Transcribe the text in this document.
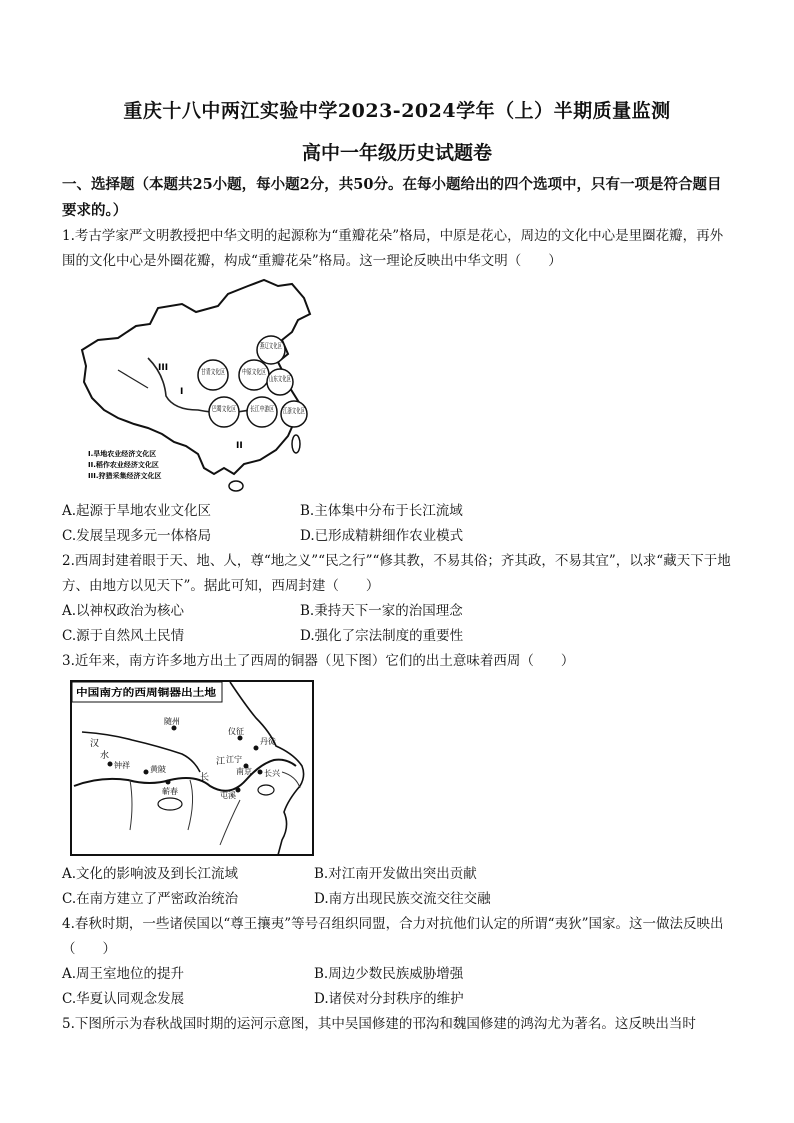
重庆十八中两江实验中学2023-2024学年（上）半期质量监测
高中一年级历史试题卷
一、选择题（本题共25小题，每小题2分，共50分。在每小题给出的四个选项中，只有一项是符合题目要求的。）
1.考古学家严文明教授把中华文明的起源称为“重瓣花朵”格局，中原是花心，周边的文化中心是里圈花瓣，再外围的文化中心是外圈花瓣，构成“重瓣花朵”格局。这一理论反映出中华文明（　　）
燕辽文化区
甘青文化区 中原文化区
山东文化区
巴蜀文化区 长江中游区
江浙文化区
III
I
II
I.旱地农业经济文化区
II.稻作农业经济文化区
III.狩猎采集经济文化区
A.起源于旱地农业文化区	B.主体集中分布于长江流域
C.发展呈现多元一体格局	D.已形成精耕细作农业模式
2.西周封建着眼于天、地、人，尊“地之义”“民之行”“修其教，不易其俗；齐其政，不易其宜”，以求“藏天下于地方、由地方以见天下”。据此可知，西周封建（　　）
A.以神权政治为核心	B.秉持天下一家的治国理念
C.源于自然风土民情	D.强化了宗法制度的重要性
3.近年来，南方许多地方出土了西周的铜器（见下图）它们的出土意味着西周（　　）
中国南方的西周铜器出土地
随州
仪征
丹徒
江宁
南京 长兴
屯溪
黄陂
蕲春
汉
水
长
江
钟祥
A.文化的影响波及到长江流域	B.对江南开发做出突出贡献
C.在南方建立了严密政治统治	D.南方出现民族交流交往交融
4.春秋时期，一些诸侯国以“尊王攘夷”等号召组织同盟，合力对抗他们认定的所谓“夷狄”国家。这一做法反映出（　　）
A.周王室地位的提升	B.周边少数民族威胁增强
C.华夏认同观念发展	D.诸侯对分封秩序的维护
5.下图所示为春秋战国时期的运河示意图，其中吴国修建的邗沟和魏国修建的鸿沟尤为著名。这反映出当时
